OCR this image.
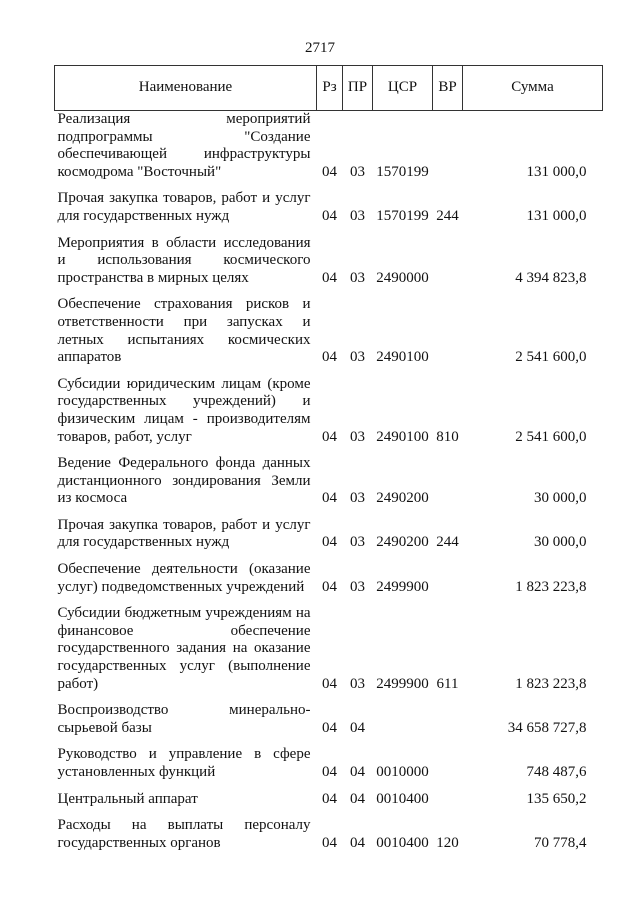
2717
Наименование	Рз	ПР	ЦСР	ВР	Сумма
Реализация мероприятий подпрограммы "Создание обеспечивающей инфраструктуры космодрома "Восточный"	04	03	1570199		131 000,0
Прочая закупка товаров, работ и услуг для государственных нужд	04	03	1570199	244	131 000,0
Мероприятия в области исследования и использования космического пространства в мирных целях	04	03	2490000		4 394 823,8
Обеспечение страхования рисков и ответственности при запусках и летных испытаниях космических аппаратов	04	03	2490100		2 541 600,0
Субсидии юридическим лицам (кроме государственных учреждений) и физическим лицам - производителям товаров, работ, услуг	04	03	2490100	810	2 541 600,0
Ведение Федерального фонда данных дистанционного зондирования Земли из космоса	04	03	2490200		30 000,0
Прочая закупка товаров, работ и услуг для государственных нужд	04	03	2490200	244	30 000,0
Обеспечение деятельности (оказание услуг) подведомственных учреждений	04	03	2499900		1 823 223,8
Субсидии бюджетным учреждениям на финансовое обеспечение государственного задания на оказание государственных услуг (выполнение работ)	04	03	2499900	611	1 823 223,8
Воспроизводство минерально-сырьевой базы	04	04			34 658 727,8
Руководство и управление в сфере установленных функций	04	04	0010000		748 487,6
Центральный аппарат	04	04	0010400		135 650,2
Расходы на выплаты персоналу государственных органов	04	04	0010400	120	70 778,4
